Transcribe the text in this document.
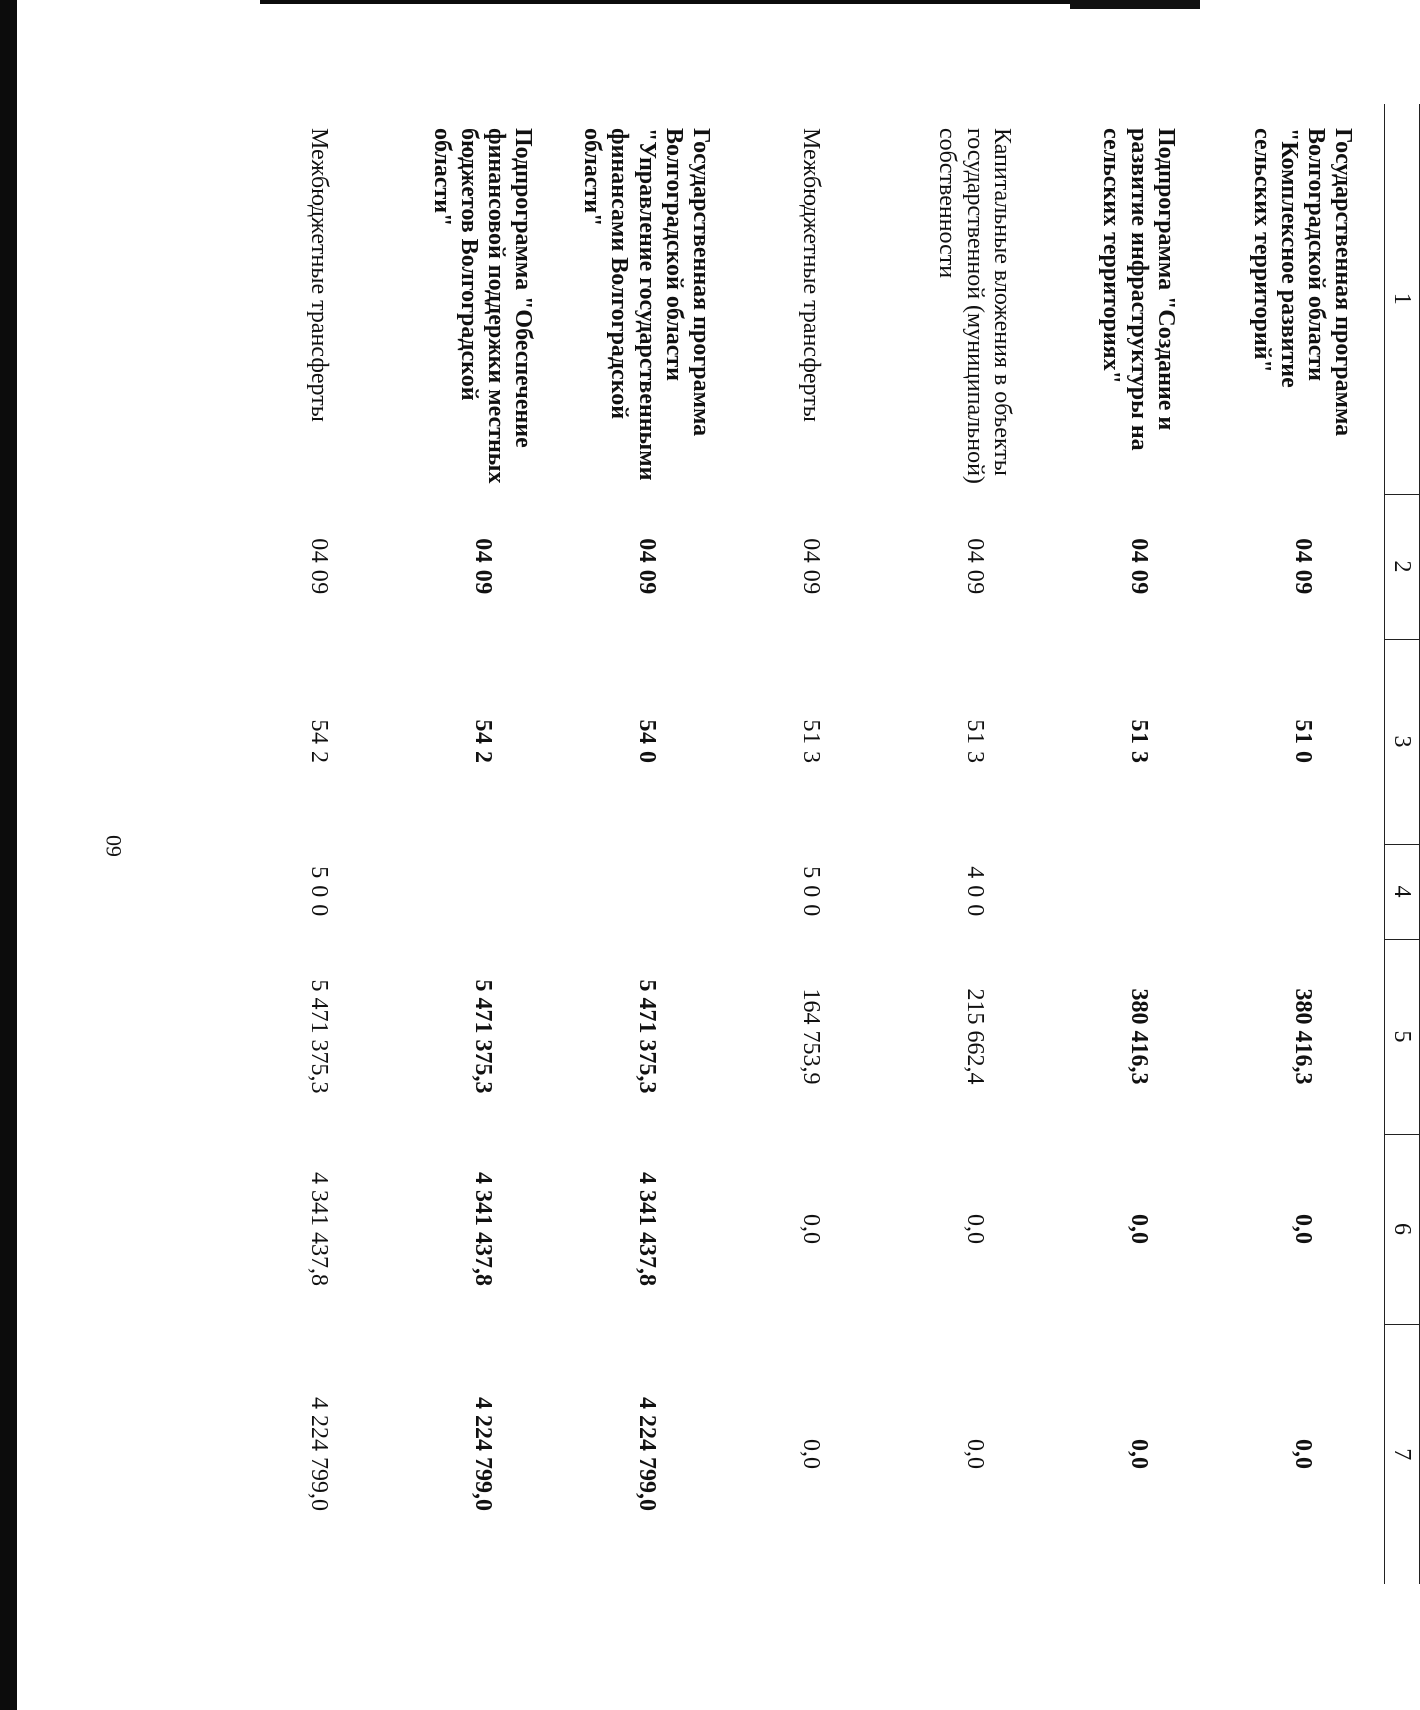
60
1	2	3	4	5	6	7
Государственная программа Волгоградской области "Комплексное развитие сельских территорий"	04 09	51 0		380 416,3	0,0	0,0
Подпрограмма "Создание и развитие инфраструктуры на сельских территориях"	04 09	51 3		380 416,3	0,0	0,0
Капитальные вложения в объекты государственной (муниципальной) собственности	04 09	51 3	4 0 0	215 662,4	0,0	0,0
Межбюджетные трансферты	04 09	51 3	5 0 0	164 753,9	0,0	0,0
Государственная программа Волгоградской области "Управление государственными финансами Волгоградской области"	04 09	54 0		5 471 375,3	4 341 437,8	4 224 799,0
Подпрограмма "Обеспечение финансовой поддержки местных бюджетов Волгоградской области"	04 09	54 2		5 471 375,3	4 341 437,8	4 224 799,0
Межбюджетные трансферты	04 09	54 2	5 0 0	5 471 375,3	4 341 437,8	4 224 799,0
